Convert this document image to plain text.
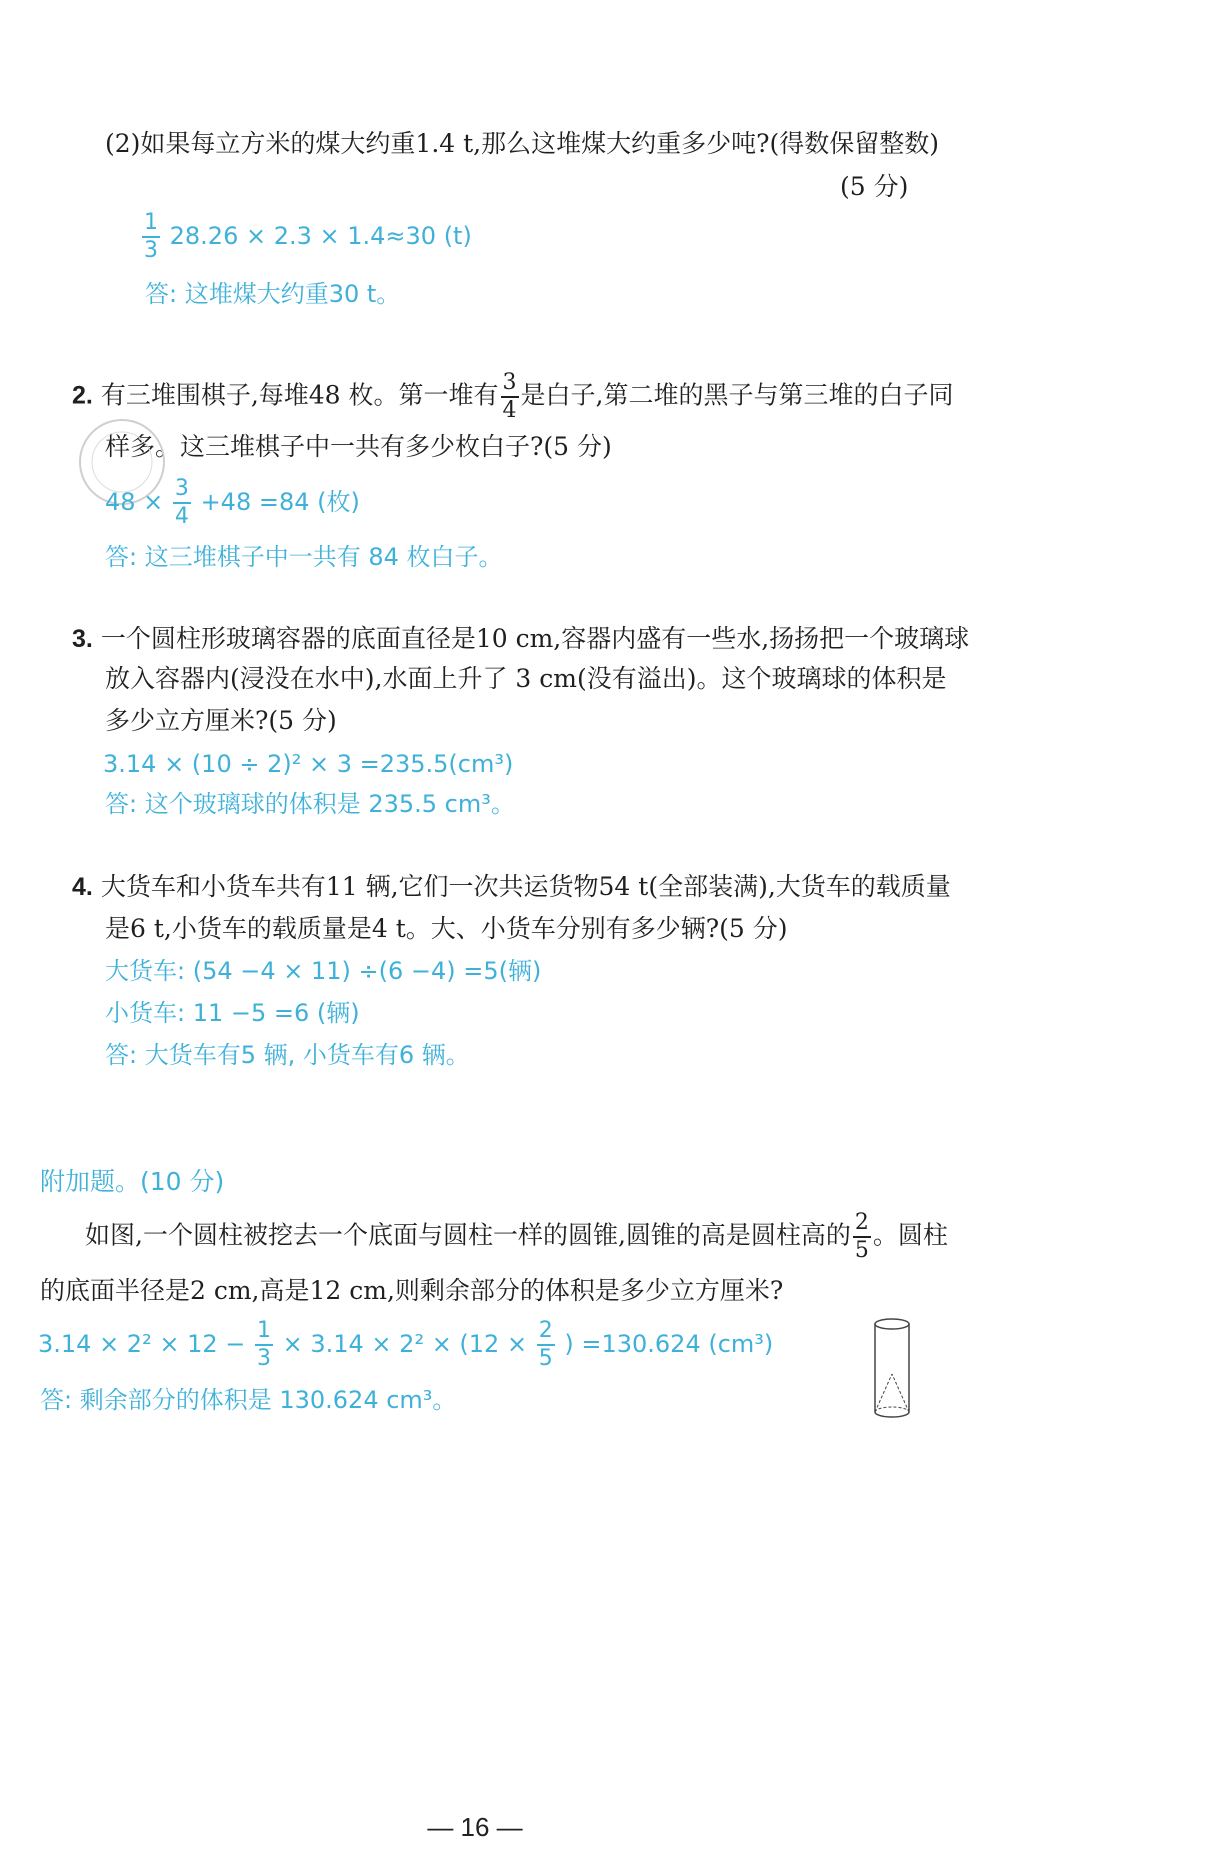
(2)如果每立方米的煤大约重1.4 t,那么这堆煤大约重多少吨?(得数保留整数)
(5 分)
$\frac{1}{3} 28.26 \times 2.3 \times 1.4\approx 30$ (t)
答: 这堆煤大约重30 t。
2. 有三堆围棋子,每堆48 枚。第一堆有 $\frac{3}{4}$ 是白子,第二堆的黑子与第三堆的白子同
样多。这三堆棋子中一共有多少枚白子?(5 分)
$48 \times \frac{3}{4} +48 =84$ (枚)
答: 这三堆棋子中一共有 84 枚白子。
3. 一个圆柱形玻璃容器的底面直径是10 cm,容器内盛有一些水,扬扬把一个玻璃球
放入容器内(浸没在水中),水面上升了 3 cm(没有溢出)。这个玻璃球的体积是
多少立方厘米?(5 分)
3.14 × (10 ÷ 2)² × 3 =235.5(cm³)
答: 这个玻璃球的体积是 235.5 cm³。
4. 大货车和小货车共有11 辆,它们一次共运货物54 t(全部装满),大货车的载质量
是6 t,小货车的载质量是4 t。大、小货车分别有多少辆?(5 分)
大货车: (54 −4 × 11) ÷(6 −4) =5(辆)
小货车: 11 −5 =6 (辆)
答: 大货车有5 辆, 小货车有6 辆。
附加题。(10 分)
如图,一个圆柱被挖去一个底面与圆柱一样的圆锥,圆锥的高是圆柱高的 $\frac{2}{5}$ 。圆柱
的底面半径是2 cm,高是12 cm,则剩余部分的体积是多少立方厘米?
$3.14 \times 2^2 \times 12 - \frac{1}{3} \times 3.14 \times 2^2 \times (12 \times \frac{2}{5}$ ) =130.624 (cm³)
答: 剩余部分的体积是 130.624 cm³。
— 16 —
